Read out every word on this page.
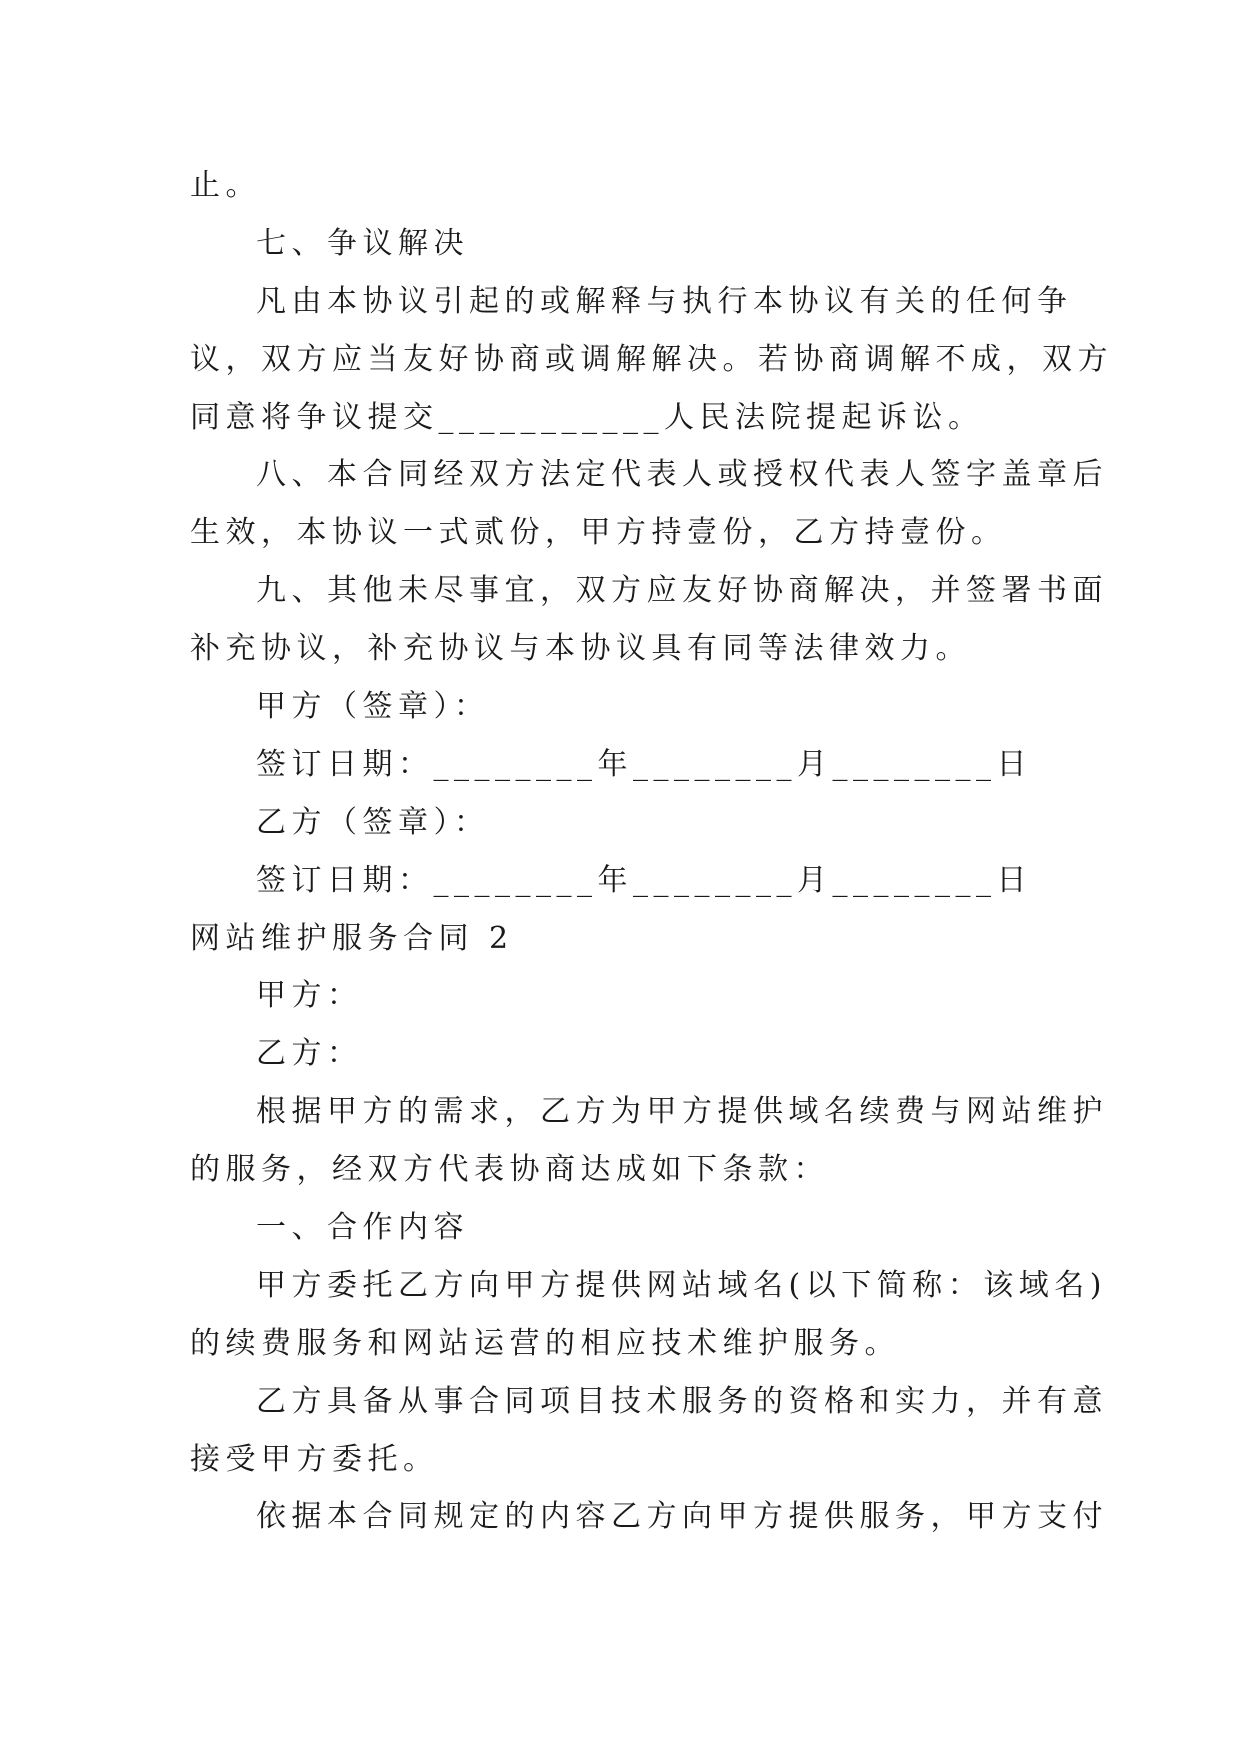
止。

七、争议解决

凡由本协议引起的或解释与执行本协议有关的任何争

议，双方应当友好协商或调解解决。若协商调解不成，双方

同意将争议提交___________人民法院提起诉讼。

八、本合同经双方法定代表人或授权代表人签字盖章后

生效，本协议一式贰份，甲方持壹份，乙方持壹份。

九、其他未尽事宜，双方应友好协商解决，并签署书面

补充协议，补充协议与本协议具有同等法律效力。

甲方（签章）：

签订日期：________年________月________日

乙方（签章）：

签订日期：________年________月________日

网站维护服务合同 2

甲方：

乙方：

根据甲方的需求，乙方为甲方提供域名续费与网站维护

的服务，经双方代表协商达成如下条款：

一、合作内容

甲方委托乙方向甲方提供网站域名(以下简称：该域名)

的续费服务和网站运营的相应技术维护服务。

乙方具备从事合同项目技术服务的资格和实力，并有意

接受甲方委托。

依据本合同规定的内容乙方向甲方提供服务，甲方支付
